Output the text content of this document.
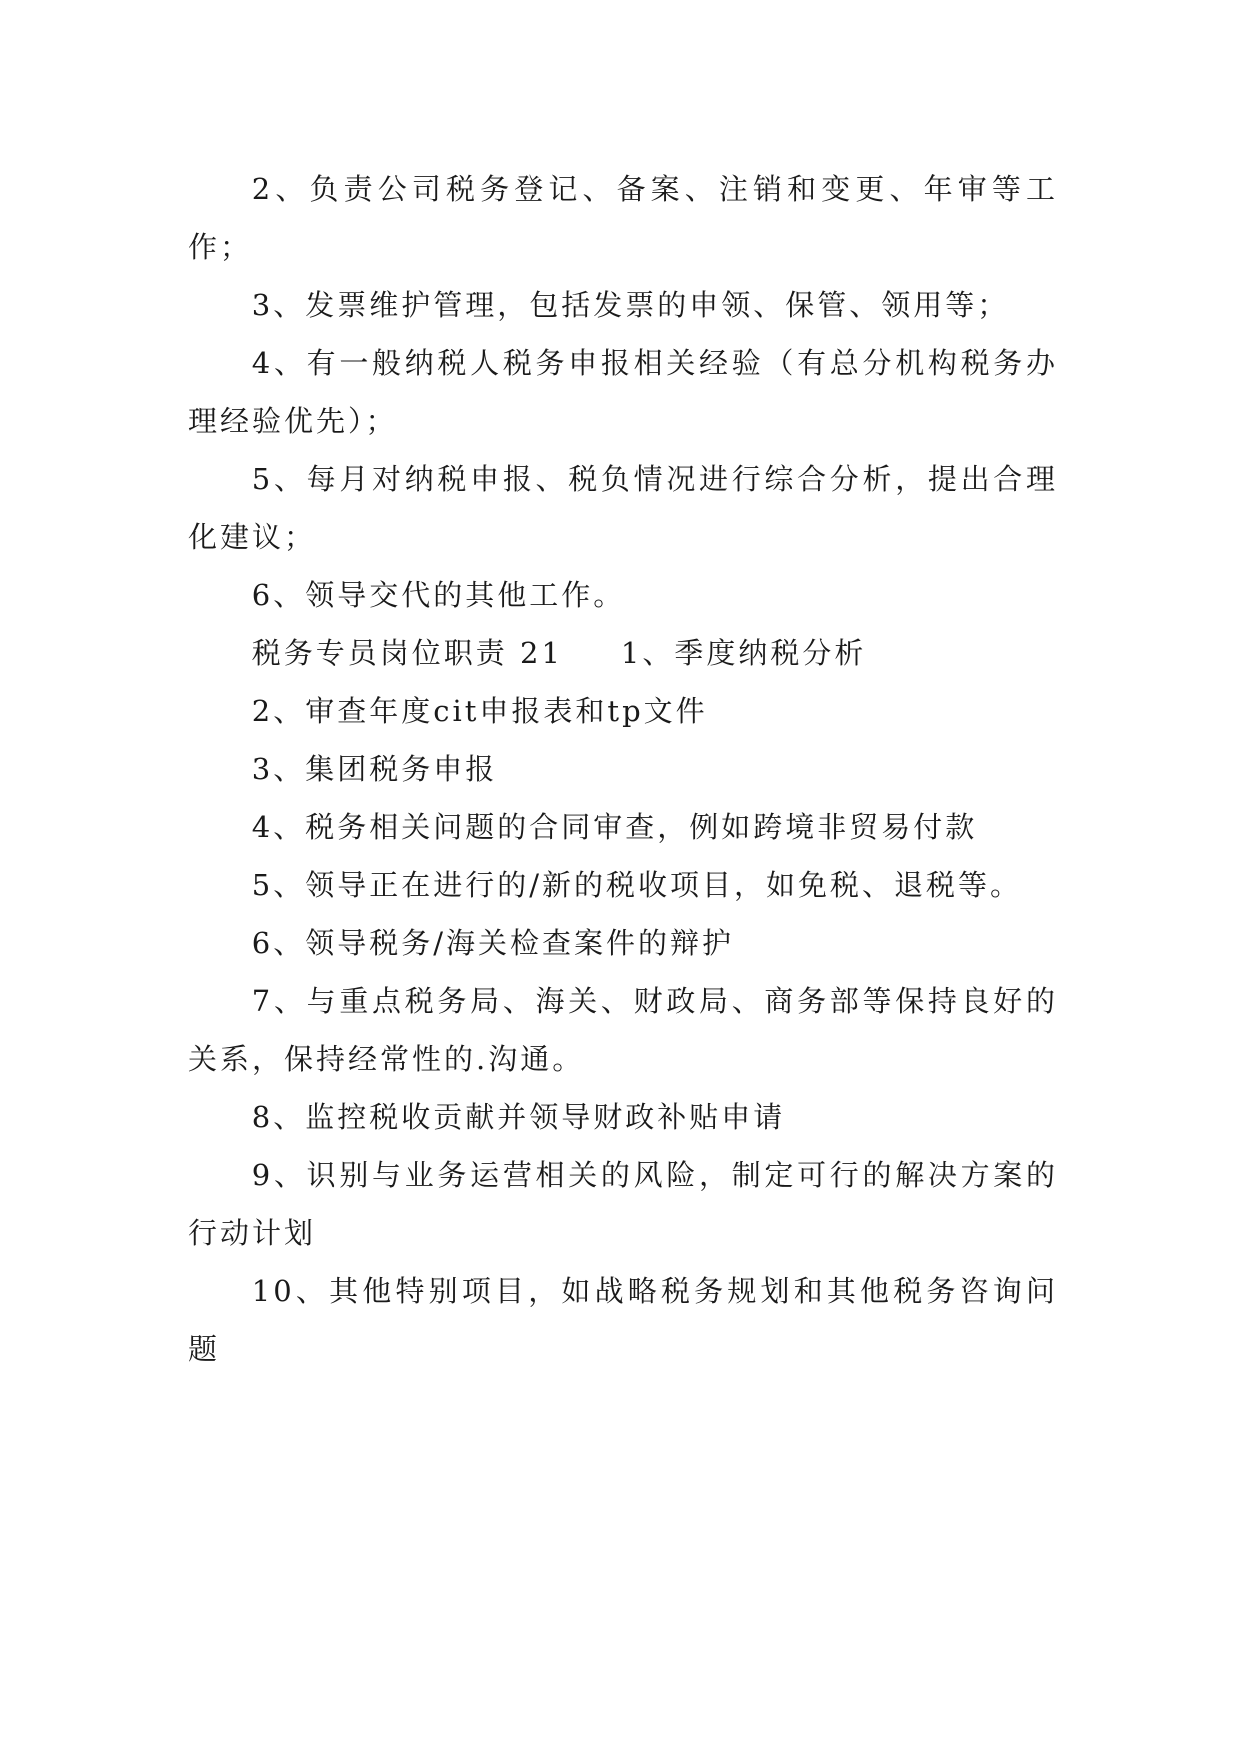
2、负责公司税务登记、备案、注销和变更、年审等工作；

3、发票维护管理，包括发票的申领、保管、领用等；

4、有一般纳税人税务申报相关经验（有总分机构税务办理经验优先）；

5、每月对纳税申报、税负情况进行综合分析，提出合理化建议；

6、领导交代的其他工作。

税务专员岗位职责 21 1、季度纳税分析

2、审查年度cit申报表和tp文件

3、集团税务申报

4、税务相关问题的合同审查，例如跨境非贸易付款

5、领导正在进行的/新的税收项目，如免税、退税等。

6、领导税务/海关检查案件的辩护

7、与重点税务局、海关、财政局、商务部等保持良好的关系，保持经常性的.沟通。

8、监控税收贡献并领导财政补贴申请

9、识别与业务运营相关的风险，制定可行的解决方案的行动计划

10、其他特别项目，如战略税务规划和其他税务咨询问题
